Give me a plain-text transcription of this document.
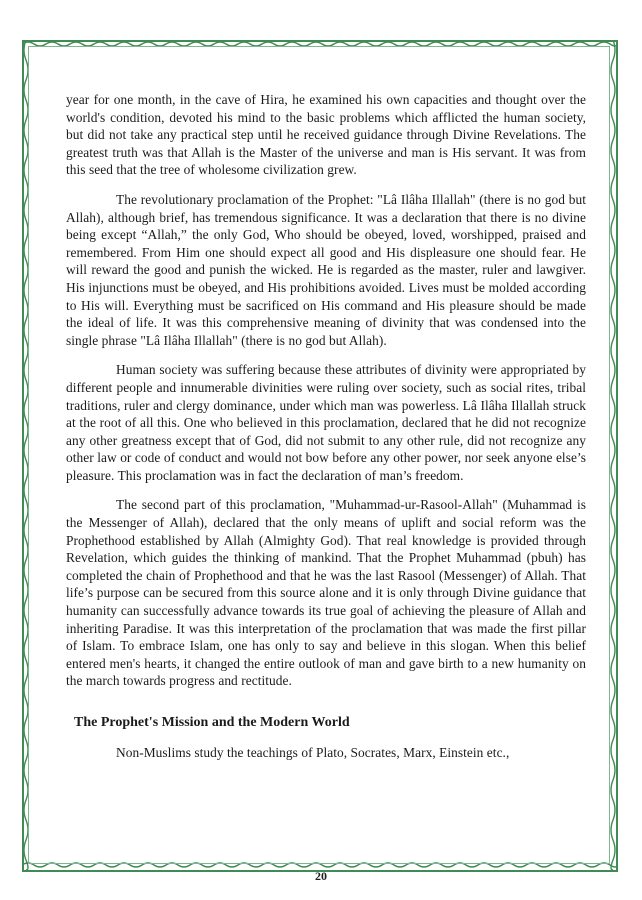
year for one month, in the cave of Hira, he examined his own capacities and thought over the world's condition, devoted his mind to the basic problems which afflicted the human society, but did not take any practical step until he received guidance through Divine Revelations. The greatest truth was that Allah is the Master of the universe and man is His servant. It was from this seed that the tree of wholesome civilization grew.

The revolutionary proclamation of the Prophet: "Lâ Ilâha Illallah" (there is no god but Allah), although brief, has tremendous significance. It was a declaration that there is no divine being except “Allah,” the only God, Who should be obeyed, loved, worshipped, praised and remembered. From Him one should expect all good and His displeasure one should fear. He will reward the good and punish the wicked. He is regarded as the master, ruler and lawgiver. His injunctions must be obeyed, and His prohibitions avoided. Lives must be molded according to His will. Everything must be sacrificed on His command and His pleasure should be made the ideal of life. It was this comprehensive meaning of divinity that was condensed into the single phrase "Lâ Ilâha Illallah" (there is no god but Allah).

Human society was suffering because these attributes of divinity were appropriated by different people and innumerable divinities were ruling over society, such as social rites, tribal traditions, ruler and clergy dominance, under which man was powerless. Lâ Ilâha Illallah struck at the root of all this. One who believed in this proclamation, declared that he did not recognize any other greatness except that of God, did not submit to any other rule, did not recognize any other law or code of conduct and would not bow before any other power, nor seek anyone else’s pleasure. This proclamation was in fact the declaration of man’s freedom.

The second part of this proclamation, "Muhammad-ur-Rasool-Allah" (Muhammad is the Messenger of Allah), declared that the only means of uplift and social reform was the Prophethood established by Allah (Almighty God). That real knowledge is provided through Revelation, which guides the thinking of mankind. That the Prophet Muhammad (pbuh) has completed the chain of Prophethood and that he was the last Rasool (Messenger) of Allah. That life’s purpose can be secured from this source alone and it is only through Divine guidance that humanity can successfully advance towards its true goal of achieving the pleasure of Allah and inheriting Paradise. It was this interpretation of the proclamation that was made the first pillar of Islam. To embrace Islam, one has only to say and believe in this slogan. When this belief entered men's hearts, it changed the entire outlook of man and gave birth to a new humanity on the march towards progress and rectitude.

The Prophet's Mission and the Modern World

Non-Muslims study the teachings of Plato, Socrates, Marx, Einstein etc.,

20
